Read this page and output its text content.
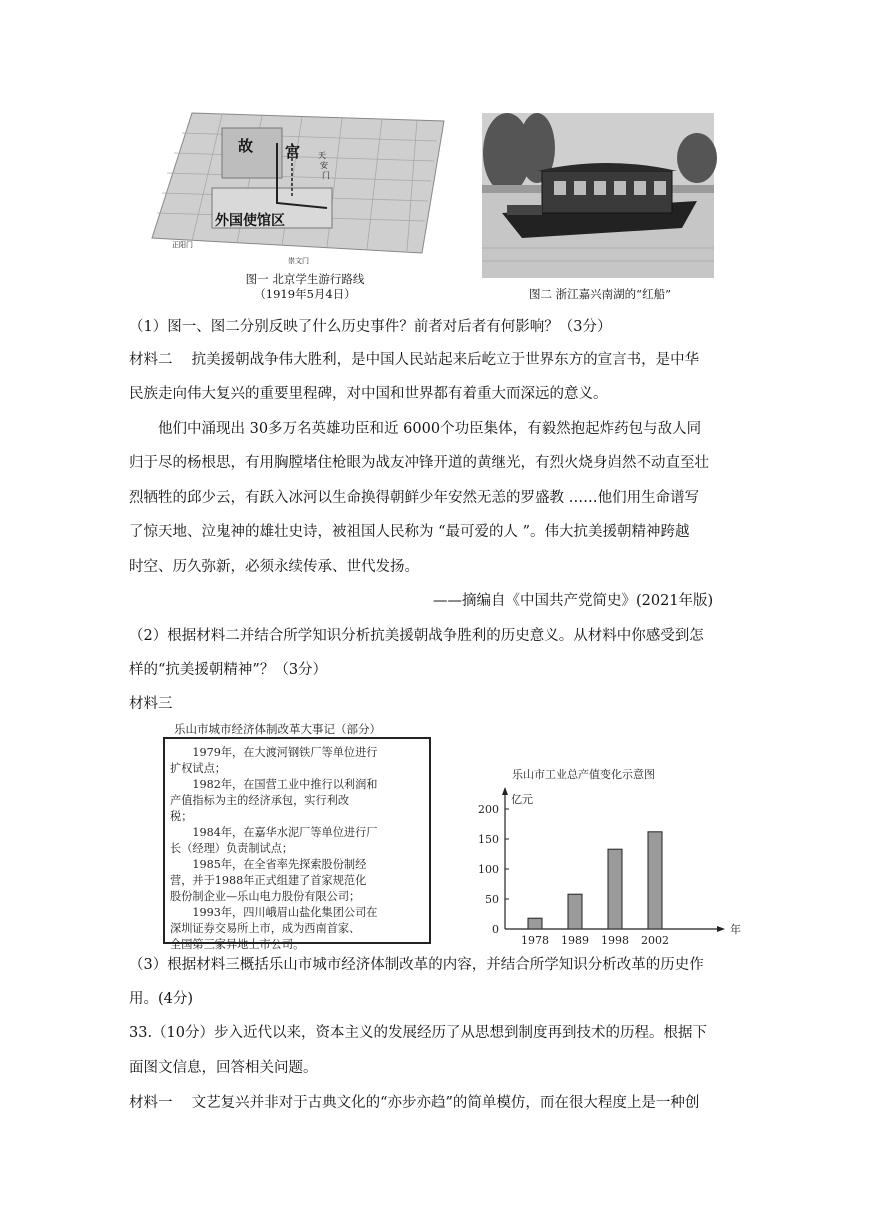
故 宫 天
安
门
外国使馆区
正阳门
崇文门
图一 北京学生游行路线
（1919年5月4日）	图二 浙江嘉兴南湖的“红船”
（1）图一、图二分别反映了什么历史事件？前者对后者有何影响？（3分）
材料二　 抗美援朝战争伟大胜利，是中国人民站起来后屹立于世界东方的宣言书，是中华
民族走向伟大复兴的重要里程碑，对中国和世界都有着重大而深远的意义。
　　他们中涌现出 30多万名英雄功臣和近 6000个功臣集体，有毅然抱起炸药包与敌人同
归于尽的杨根思，有用胸膛堵住枪眼为战友冲锋开道的黄继光，有烈火烧身岿然不动直至壮
烈牺牲的邱少云，有跃入冰河以生命换得朝鲜少年安然无恙的罗盛教 ……他们用生命谱写
了惊天地、泣鬼神的雄壮史诗，被祖国人民称为 “最可爱的人 ”。伟大抗美援朝精神跨越
时空、历久弥新，必须永续传承、世代发扬。
——摘编自《中国共产党简史》(2021年版)
（2）根据材料二并结合所学知识分析抗美援朝战争胜利的历史意义。从材料中你感受到怎
样的“抗美援朝精神”？（3分）
材料三
乐山市城市经济体制改革大事记（部分）
　　1979年，在大渡河钢铁厂等单位进行
扩权试点；
　　1982年，在国营工业中推行以利润和
产值指标为主的经济承包，实行利改
税；
　　1984年，在嘉华水泥厂等单位进行厂
长（经理）负责制试点；
　　1985年，在全省率先探索股份制经
营，并于1988年正式组建了首家规范化
股份制企业—乐山电力股份有限公司；
　　1993年，四川峨眉山盐化集团公司在
深圳证券交易所上市，成为西南首家、
全国第三家异地上市公司。
乐山市工业总产值变化示意图
亿元
年
0
50
100
150
200
1978 1989 1998 2002
（3）根据材料三概括乐山市城市经济体制改革的内容，并结合所学知识分析改革的历史作
用。(4分)
33.（10分）步入近代以来，资本主义的发展经历了从思想到制度再到技术的历程。根据下
面图文信息，回答相关问题。
材料一　 文艺复兴并非对于古典文化的“亦步亦趋”的简单模仿，而在很大程度上是一种创
